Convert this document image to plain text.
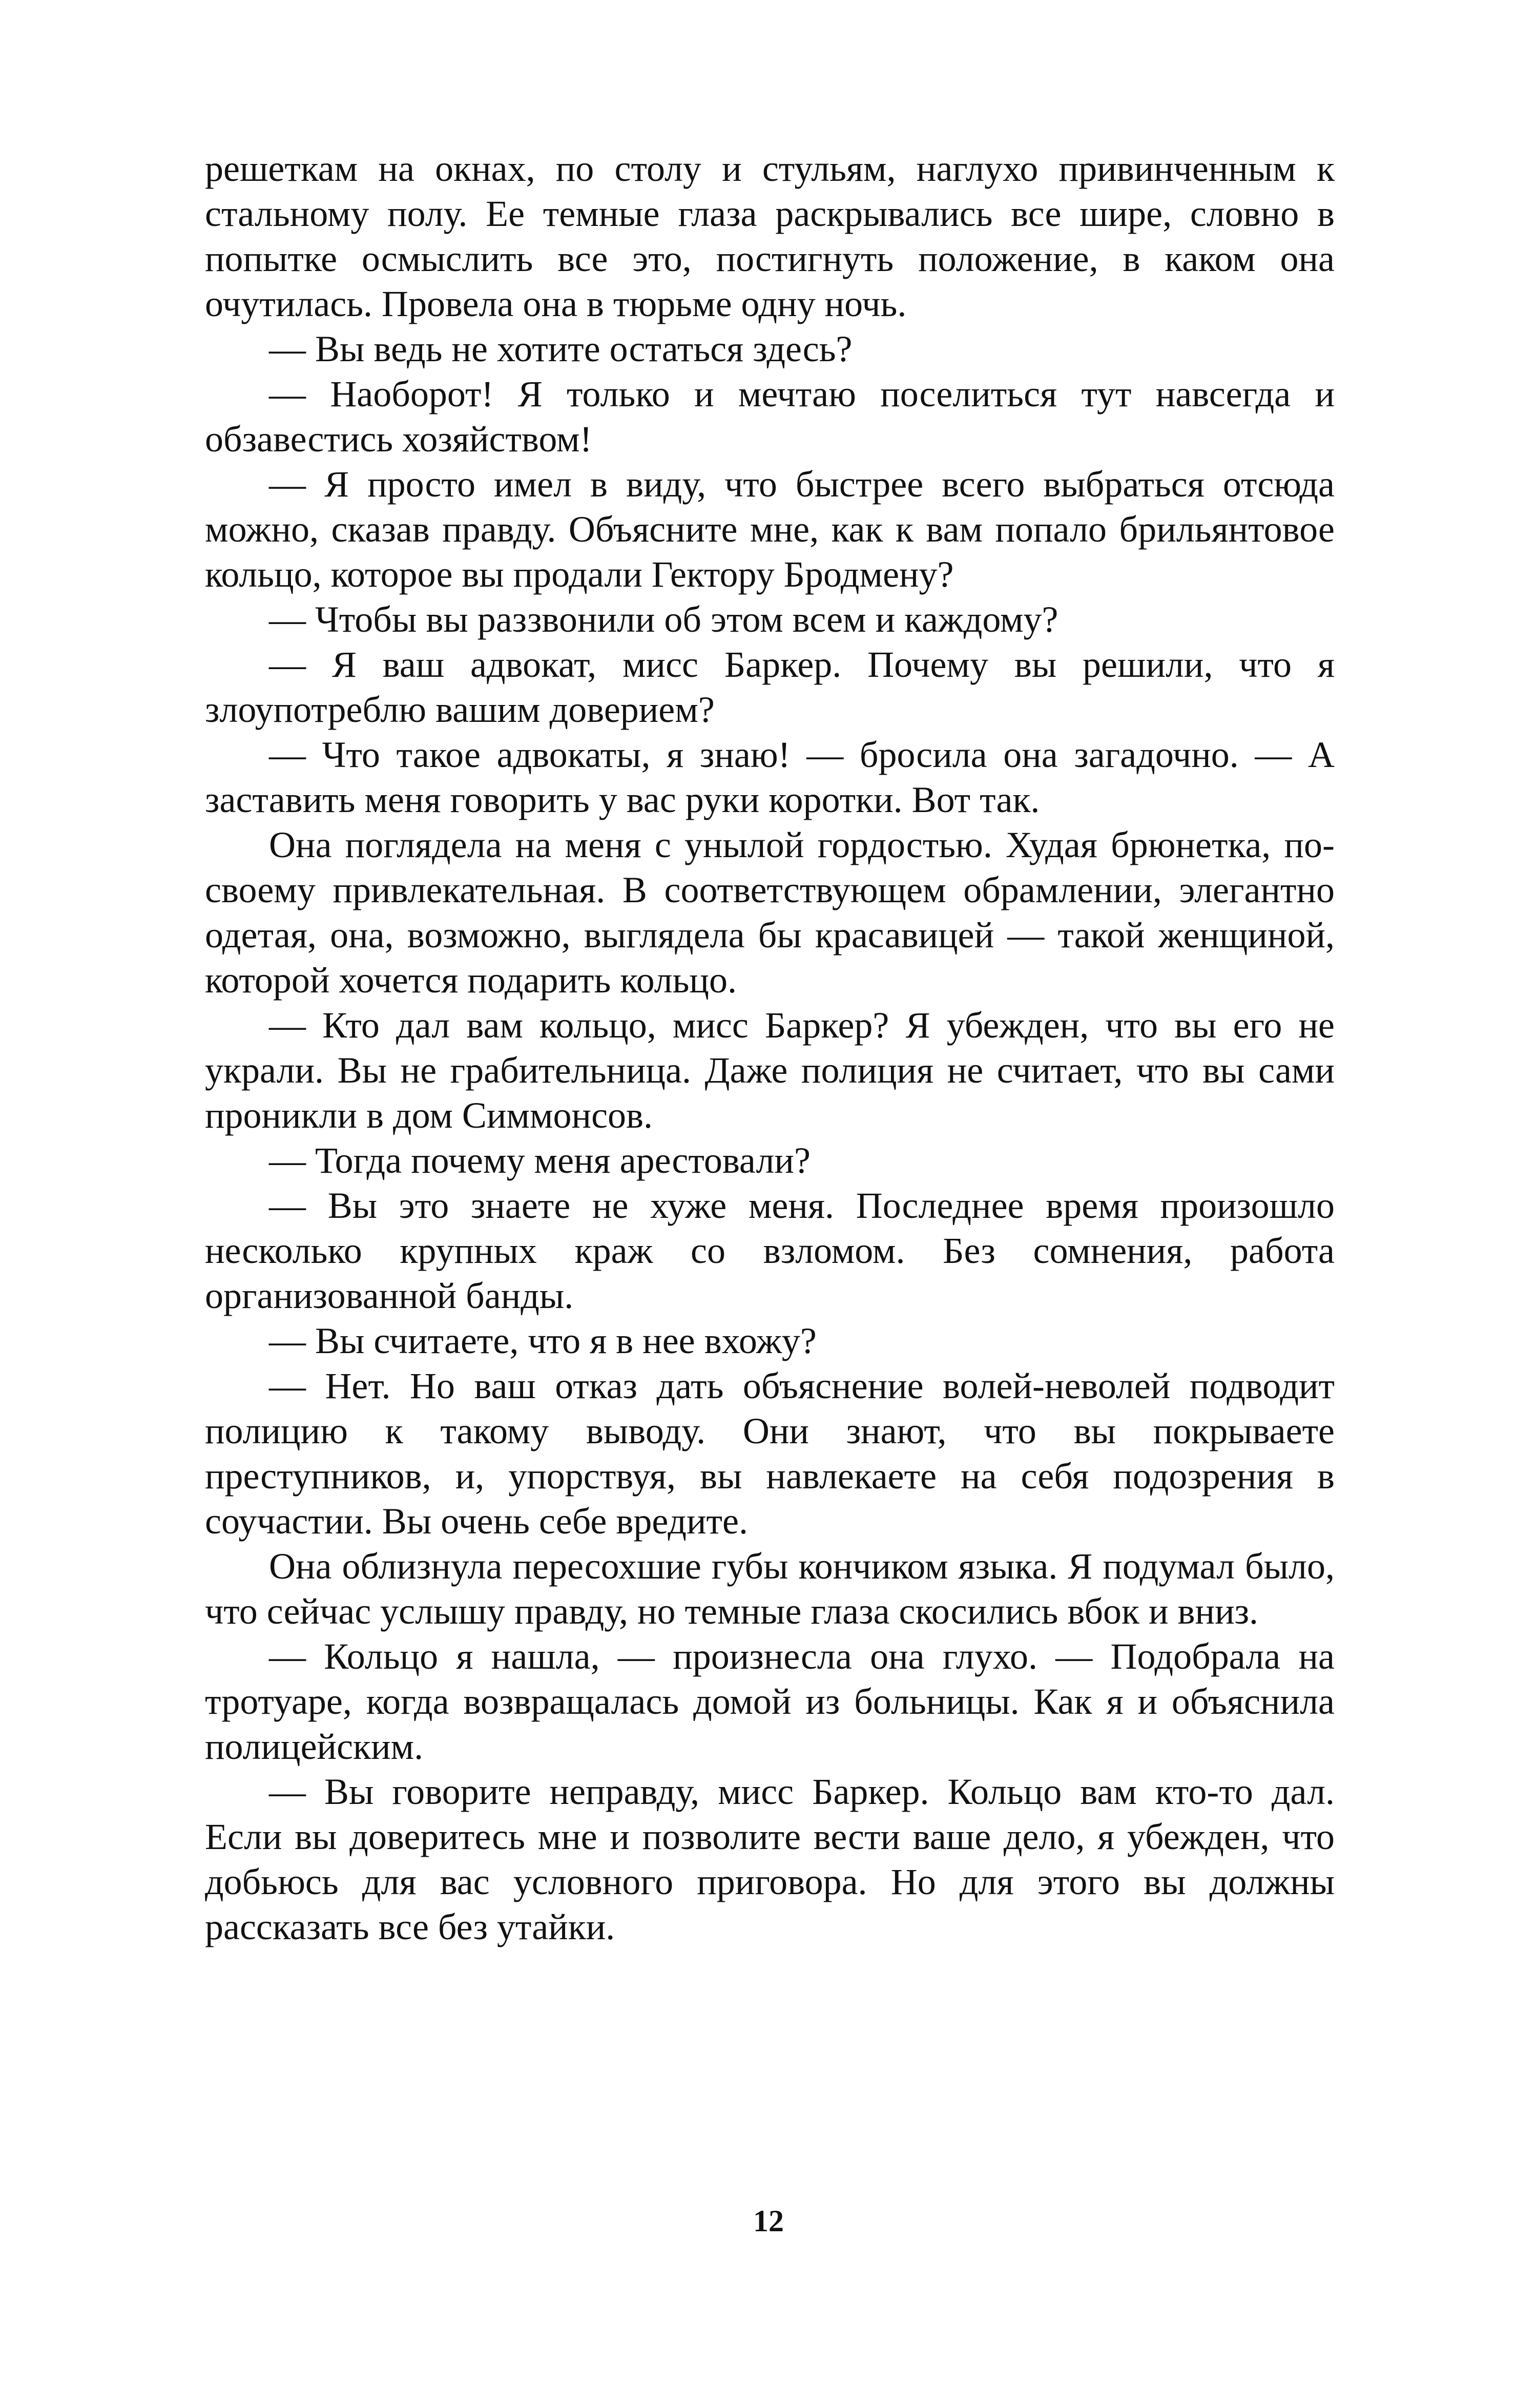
решеткам на окнах, по столу и стульям, наглухо привинченным к стальному полу. Ее темные глаза раскрывались все шире, словно в попытке осмыслить все это, постигнуть положение, в каком она очутилась. Провела она в тюрьме одну ночь.

— Вы ведь не хотите остаться здесь?

— Наоборот! Я только и мечтаю поселиться тут навсегда и обзавестись хозяйством!

— Я просто имел в виду, что быстрее всего выбраться отсюда можно, сказав правду. Объясните мне, как к вам попало брильянтовое кольцо, которое вы продали Гектору Бродмену?

— Чтобы вы раззвонили об этом всем и каждому?

— Я ваш адвокат, мисс Баркер. Почему вы решили, что я злоупотреблю вашим доверием?

— Что такое адвокаты, я знаю! — бросила она загадочно. — А заставить меня говорить у вас руки коротки. Вот так.

Она поглядела на меня с унылой гордостью. Худая брюнетка, по-своему привлекательная. В соответствующем обрамлении, элегантно одетая, она, возможно, выглядела бы красавицей — такой женщиной, которой хочется подарить кольцо.

— Кто дал вам кольцо, мисс Баркер? Я убежден, что вы его не украли. Вы не грабительница. Даже полиция не считает, что вы сами проникли в дом Симмонсов.

— Тогда почему меня арестовали?

— Вы это знаете не хуже меня. Последнее время произошло несколько крупных краж со взломом. Без сомнения, работа организованной банды.

— Вы считаете, что я в нее вхожу?

— Нет. Но ваш отказ дать объяснение волей-неволей подводит полицию к такому выводу. Они знают, что вы покрываете преступников, и, упорствуя, вы навлекаете на себя подозрения в соучастии. Вы очень себе вредите.

Она облизнула пересохшие губы кончиком языка. Я подумал было, что сейчас услышу правду, но темные глаза скосились вбок и вниз.

— Кольцо я нашла, — произнесла она глухо. — Подобрала на тротуаре, когда возвращалась домой из больницы. Как я и объяснила полицейским.

— Вы говорите неправду, мисс Баркер. Кольцо вам кто-то дал. Если вы доверитесь мне и позволите вести ваше дело, я убежден, что добьюсь для вас условного приговора. Но для этого вы должны рассказать все без утайки.

12
